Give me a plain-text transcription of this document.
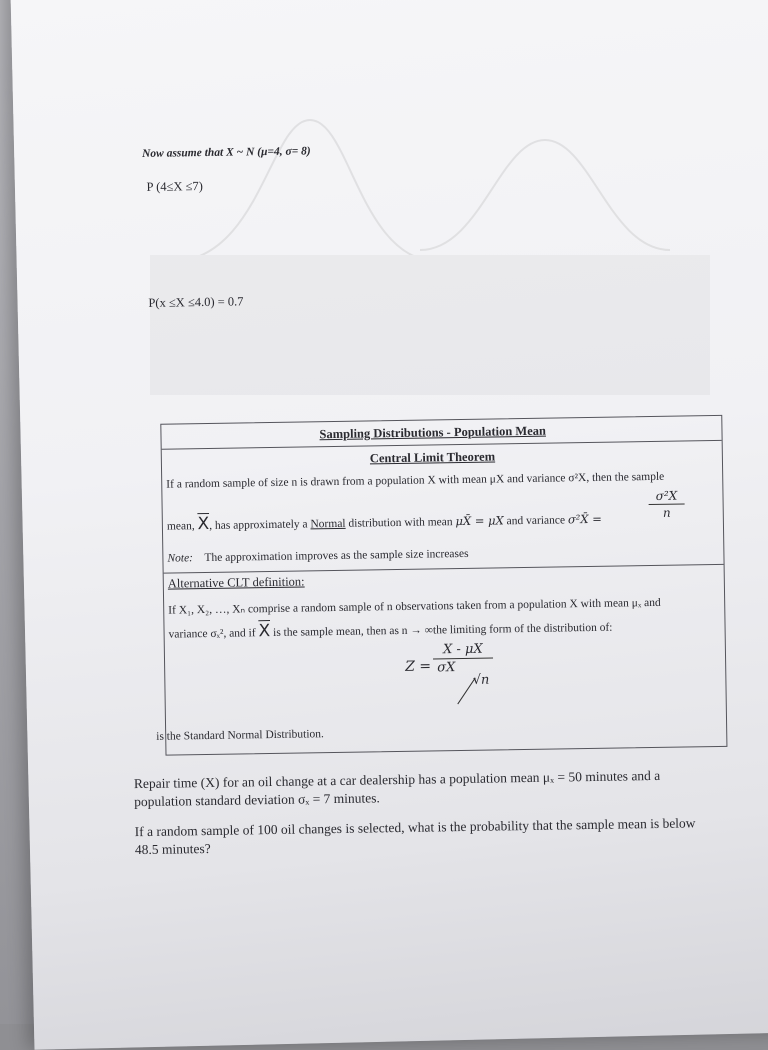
Now assume that X ~ N (μ=4, σ= 8)
P (4≤X ≤7)
P(x ≤X ≤4.0) = 0.7
Sampling Distributions - Population Mean
Central Limit Theorem
If a random sample of size n is drawn from a population X with mean μX and variance σ²X, then the sample
mean, $\overline{X}$, has approximately a Normal distribution with mean μX̄ = μX and variance σ²X̄ =
σ²X
n
Note: The approximation improves as the sample size increases
Alternative CLT definition:
If X₁, X₂, …, Xₙ comprise a random sample of n observations taken from a population X with mean μₓ and
variance σₓ², and if $\overline{X}$ is the sample mean, then as n → ∞the limiting form of the distribution of:
Z =
X - μX
σX
√n
is the Standard Normal Distribution.
Repair time (X) for an oil change at a car dealership has a population mean μₓ = 50 minutes and a
population standard deviation σₓ = 7 minutes.
If a random sample of 100 oil changes is selected, what is the probability that the sample mean is below
48.5 minutes?
